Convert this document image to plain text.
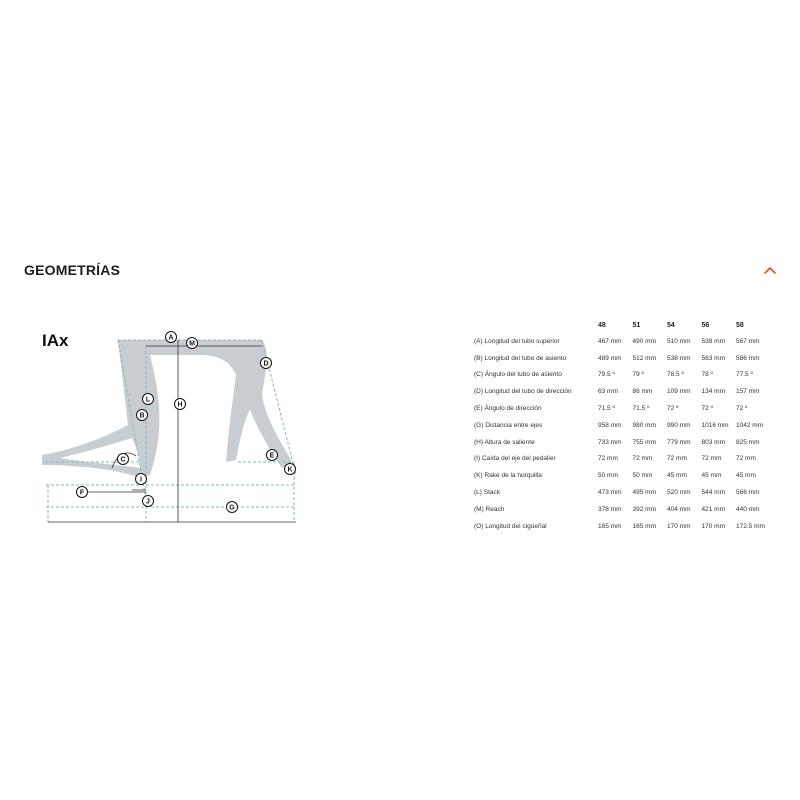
GEOMETRÍAS
IAx	A
M
D
L
B
H
C
E
K
I
F
J
G
	48	51	54	56	58
(A) Longitud del tubo superior	467 mm	490 mm	510 mm	538 mm	567 mm
(B) Longitud del tubo de asiento	489 mm	512 mm	538 mm	563 mm	586 mm
(C) Ángulo del tubo de asiento	79.5 º	79 º	78.5 º	78 º	77.5 º
(D) Longitud del tubo de dirección	63 mm	86 mm	109 mm	134 mm	157 mm
(E) Ángulo de dirección	71.5 º	71.5 º	72 º	72 º	72 º
(G) Distancia entre ejes	958 mm	980 mm	990 mm	1016 mm	1042 mm
(H) Altura de saliente	733 mm	755 mm	779 mm	803 mm	825 mm
(I) Caída del eje del pedalier	72 mm	72 mm	72 mm	72 mm	72 mm
(K) Rake de la horquilla	50 mm	50 mm	45 mm	45 mm	45 mm
(L) Stack	473 mm	495 mm	520 mm	544 mm	566 mm
(M) Reach	378 mm	392 mm	404 mm	421 mm	440 mm
(O) Longitud del cigüeñal	165 mm	165 mm	170 mm	170 mm	172.5 mm
